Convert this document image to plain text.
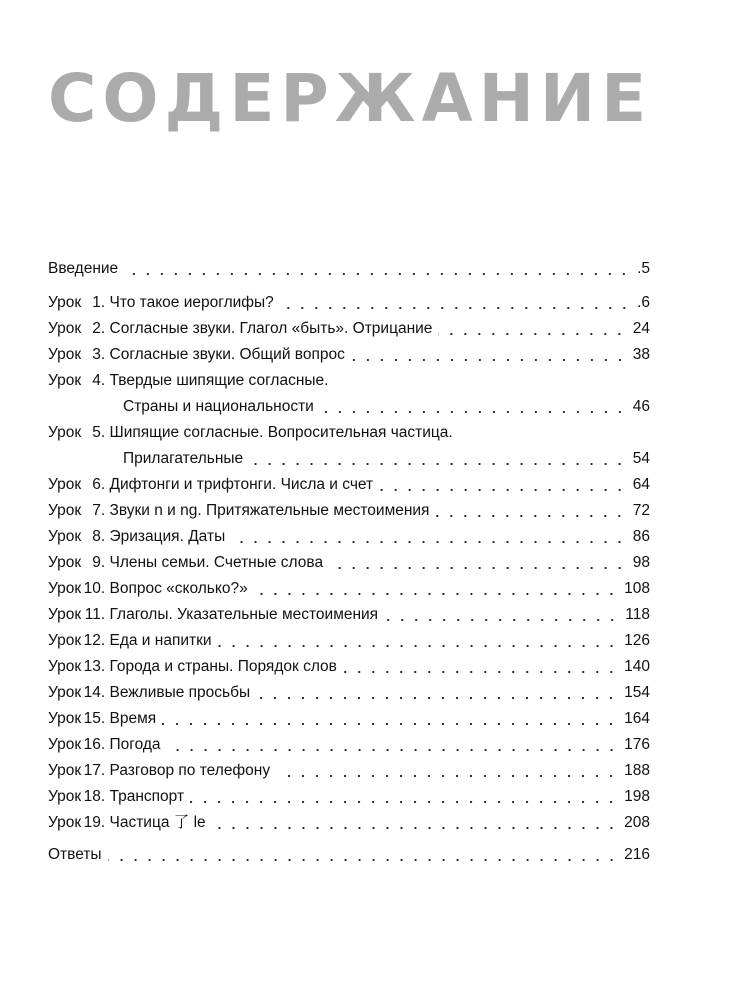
СОДЕРЖАНИЕ
Введение	.5
Урок 1. Что такое иероглифы?	.6
Урок 2. Согласные звуки. Глагол «быть». Отрицание	24
Урок 3. Согласные звуки. Общий вопрос	38
Урок 4. Твердые шипящие согласные.
Страны и национальности	46
Урок 5. Шипящие согласные. Вопросительная частица.
Прилагательные	54
Урок 6. Дифтонги и трифтонги. Числа и счет	64
Урок 7. Звуки n и ng. Притяжательные местоимения	72
Урок 8. Эризация. Даты	86
Урок 9. Члены семьи. Счетные слова	98
Урок 10. Вопрос «сколько?»	108
Урок 11. Глаголы. Указательные местоимения	118
Урок 12. Еда и напитки	126
Урок 13. Города и страны. Порядок слов	140
Урок 14. Вежливые просьбы	154
Урок 15. Время	164
Урок 16. Погода	176
Урок 17. Разговор по телефону	188
Урок 18. Транспорт	198
Урок 19. Частица 了 le	208
Ответы	216
